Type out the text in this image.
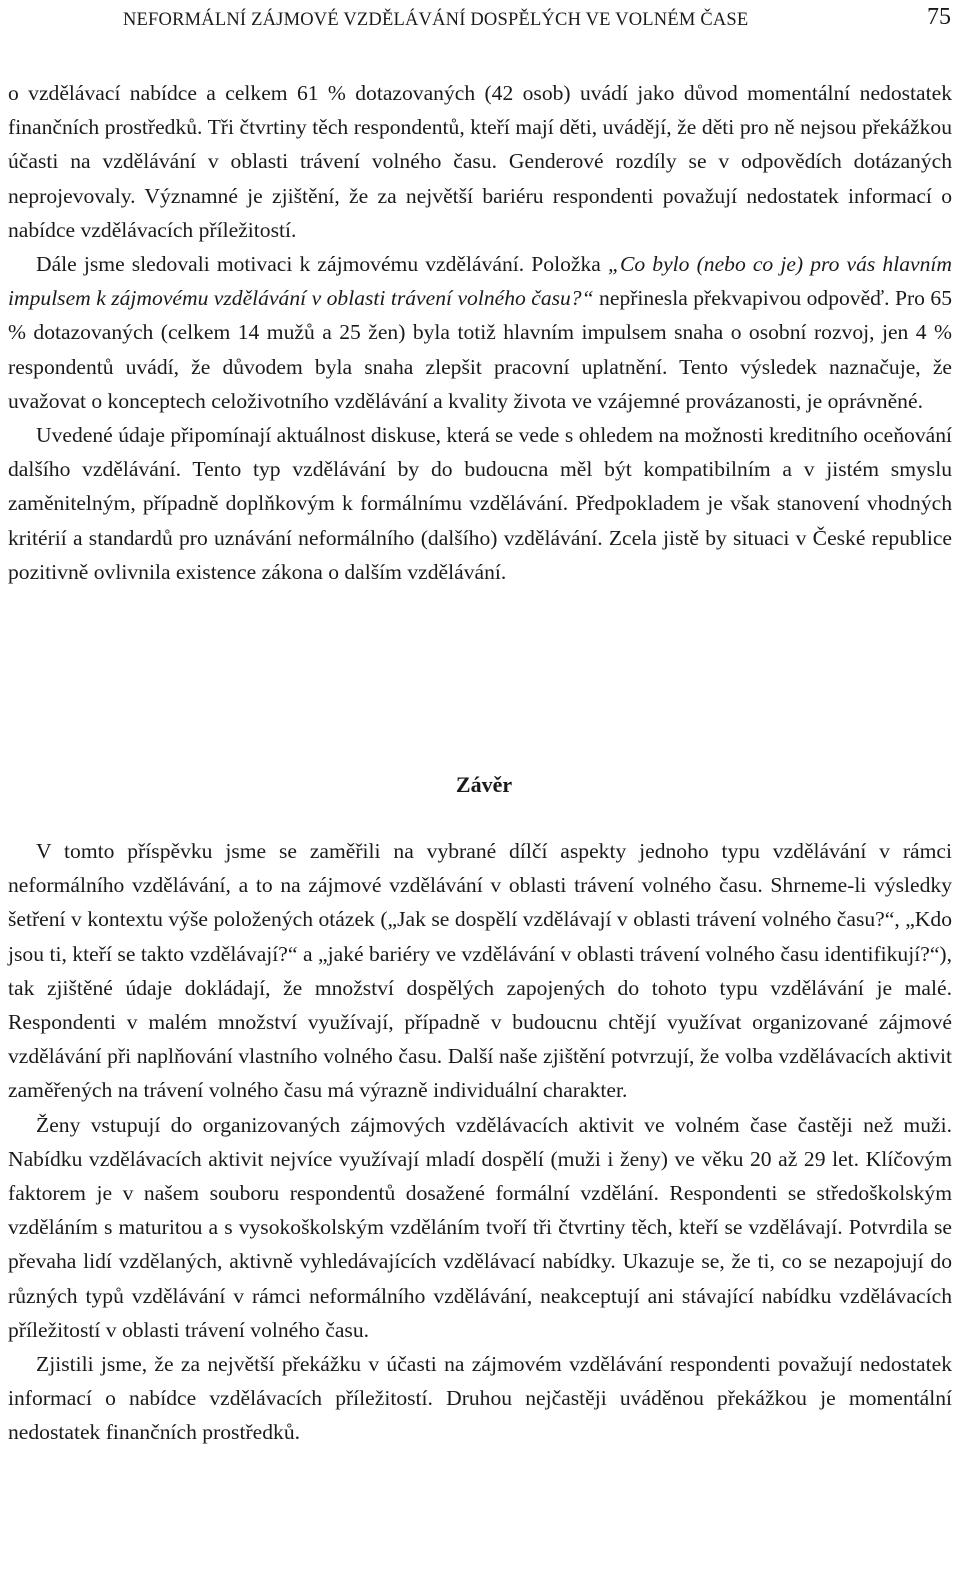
NEFORMÁLNÍ ZÁJMOVÉ VZDĚLÁVÁNÍ DOSPĚLÝCH VE VOLNÉM ČASE	75

o vzdělávací nabídce a celkem 61 % dotazovaných (42 osob) uvádí jako důvod momentální nedostatek finančních prostředků. Tři čtvrtiny těch respondentů, kteří mají děti, uvádějí, že děti pro ně nejsou překážkou účasti na vzdělávání v oblasti trávení volného času. Genderové rozdíly se v odpovědích dotázaných neprojevovaly. Významné je zjištění, že za největší bariéru respondenti považují nedostatek informací o nabídce vzdělávacích příležitostí.

Dále jsme sledovali motivaci k zájmovému vzdělávání. Položka „Co bylo (nebo co je) pro vás hlavním impulsem k zájmovému vzdělávání v oblasti trávení volného času?“ nepřinesla překvapivou odpověď. Pro 65 % dotazovaných (celkem 14 mužů a 25 žen) byla totiž hlavním impulsem snaha o osobní rozvoj, jen 4 % respondentů uvádí, že důvodem byla snaha zlepšit pracovní uplatnění. Tento výsledek naznačuje, že uvažovat o konceptech celoživotního vzdělávání a kvality života ve vzájemné provázanosti, je oprávněné.

Uvedené údaje připomínají aktuálnost diskuse, která se vede s ohledem na možnosti kreditního oceňování dalšího vzdělávání. Tento typ vzdělávání by do budoucna měl být kompatibilním a v jistém smyslu zaměnitelným, případně doplňkovým k formálnímu vzdělávání. Předpokladem je však stanovení vhodných kritérií a standardů pro uznávání neformálního (dalšího) vzdělávání. Zcela jistě by situaci v České republice pozitivně ovlivnila existence zákona o dalším vzdělávání.

Závěr

V tomto příspěvku jsme se zaměřili na vybrané dílčí aspekty jednoho typu vzdělávání v rámci neformálního vzdělávání, a to na zájmové vzdělávání v oblasti trávení volného času. Shrneme-li výsledky šetření v kontextu výše položených otázek („Jak se dospělí vzdělávají v oblasti trávení volného času?“, „Kdo jsou ti, kteří se takto vzdělávají?“ a „jaké bariéry ve vzdělávání v oblasti trávení volného času identifikují?“), tak zjištěné údaje dokládají, že množství dospělých zapojených do tohoto typu vzdělávání je malé. Respondenti v malém množství využívají, případně v budoucnu chtějí využívat organizované zájmové vzdělávání při naplňování vlastního volného času. Další naše zjištění potvrzují, že volba vzdělávacích aktivit zaměřených na trávení volného času má výrazně individuální charakter.

Ženy vstupují do organizovaných zájmových vzdělávacích aktivit ve volném čase častěji než muži. Nabídku vzdělávacích aktivit nejvíce využívají mladí dospělí (muži i ženy) ve věku 20 až 29 let. Klíčovým faktorem je v našem souboru respondentů dosažené formální vzdělání. Respondenti se středoškolským vzděláním s maturitou a s vysokoškolským vzděláním tvoří tři čtvrtiny těch, kteří se vzdělávají. Potvrdila se převaha lidí vzdělaných, aktivně vyhledávajících vzdělávací nabídky. Ukazuje se, že ti, co se nezapojují do různých typů vzdělávání v rámci neformálního vzdělávání, neakceptují ani stávající nabídku vzdělávacích příležitostí v oblasti trávení volného času.

Zjistili jsme, že za největší překážku v účasti na zájmovém vzdělávání respondenti považují nedostatek informací o nabídce vzdělávacích příležitostí. Druhou nejčastěji uváděnou překážkou je momentální nedostatek finančních prostředků.
